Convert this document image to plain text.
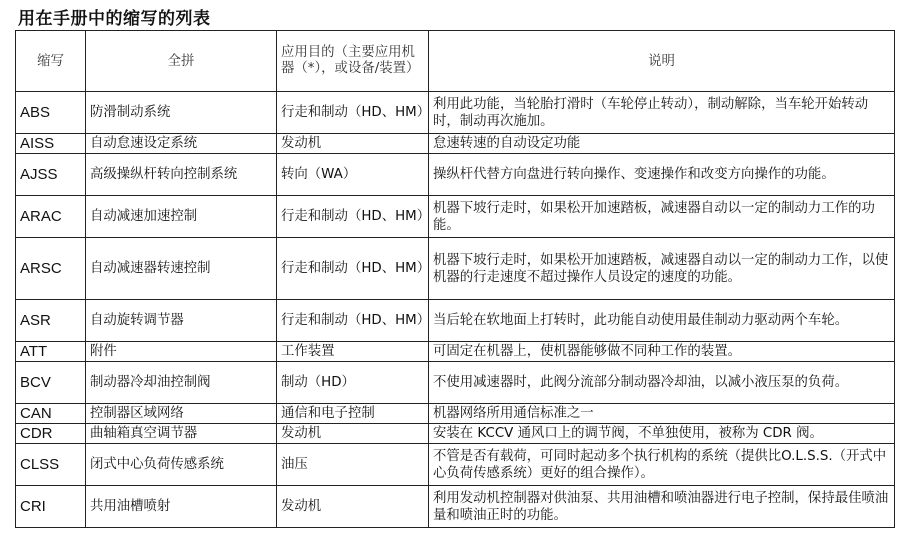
用在手册中的缩写的列表
缩写	全拼	应用目的（主要应用机器（*），或设备/装置）	说明
ABS	防滑制动系统	行走和制动（HD、HM）	利用此功能，当轮胎打滑时（车轮停止转动），制动解除，当车轮开始转动时，制动再次施加。
AISS	自动怠速设定系统	发动机	怠速转速的自动设定功能
AJSS	高级操纵杆转向控制系统	转向（WA）	操纵杆代替方向盘进行转向操作、变速操作和改变方向操作的功能。
ARAC	自动减速加速控制	行走和制动（HD、HM）	机器下坡行走时，如果松开加速踏板，减速器自动以一定的制动力工作的功能。
ARSC	自动减速器转速控制	行走和制动（HD、HM）	机器下坡行走时，如果松开加速踏板，减速器自动以一定的制动力工作，以使机器的行走速度不超过操作人员设定的速度的功能。
ASR	自动旋转调节器	行走和制动（HD、HM）	当后轮在软地面上打转时，此功能自动使用最佳制动力驱动两个车轮。
ATT	附件	工作装置	可固定在机器上，使机器能够做不同种工作的装置。
BCV	制动器冷却油控制阀	制动（HD）	不使用减速器时，此阀分流部分制动器冷却油，以减小液压泵的负荷。
CAN	控制器区域网络	通信和电子控制	机器网络所用通信标准之一
CDR	曲轴箱真空调节器	发动机	安装在 KCCV 通风口上的调节阀，不单独使用，被称为 CDR 阀。
CLSS	闭式中心负荷传感系统	油压	不管是否有载荷，可同时起动多个执行机构的系统（提供比O.L.S.S.（开式中心负荷传感系统）更好的组合操作）。
CRI	共用油槽喷射	发动机	利用发动机控制器对供油泵、共用油槽和喷油器进行电子控制，保持最佳喷油量和喷油正时的功能。
